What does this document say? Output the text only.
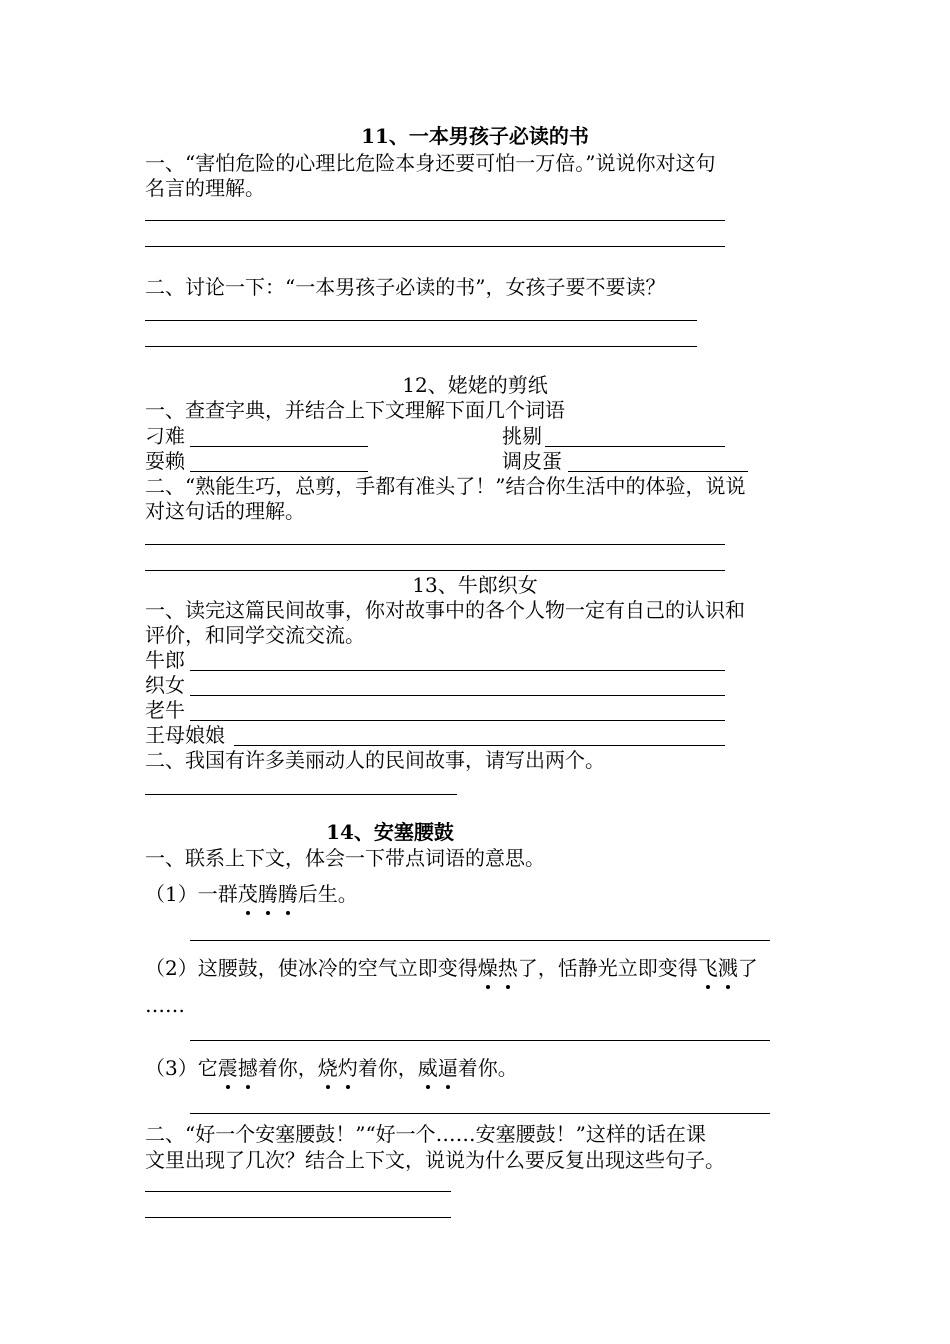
11、一本男孩子必读的书
一、“害怕危险的心理比危险本身还要可怕一万倍。”说说你对这句
名言的理解。
二、讨论一下：“一本男孩子必读的书”，女孩子要不要读？
12、姥姥的剪纸
一、查查字典，并结合上下文理解下面几个词语
刁难	挑剔
耍赖	调皮蛋
二、“熟能生巧，总剪，手都有准头了！”结合你生活中的体验，说说
对这句话的理解。
13、牛郎织女
一、读完这篇民间故事，你对故事中的各个人物一定有自己的认识和
评价，和同学交流交流。
牛郎
织女
老牛
王母娘娘
二、我国有许多美丽动人的民间故事，请写出两个。
14、安塞腰鼓
一、联系上下文，体会一下带点词语的意思。
（1）一群茂腾腾后生。
（2）这腰鼓，使冰冷的空气立即变得燥热了，恬静光立即变得飞溅了
……
（3）它震撼着你，烧灼着你，威逼着你。
二、“好一个安塞腰鼓！”“好一个……安塞腰鼓！”这样的话在课
文里出现了几次？结合上下文，说说为什么要反复出现这些句子。
